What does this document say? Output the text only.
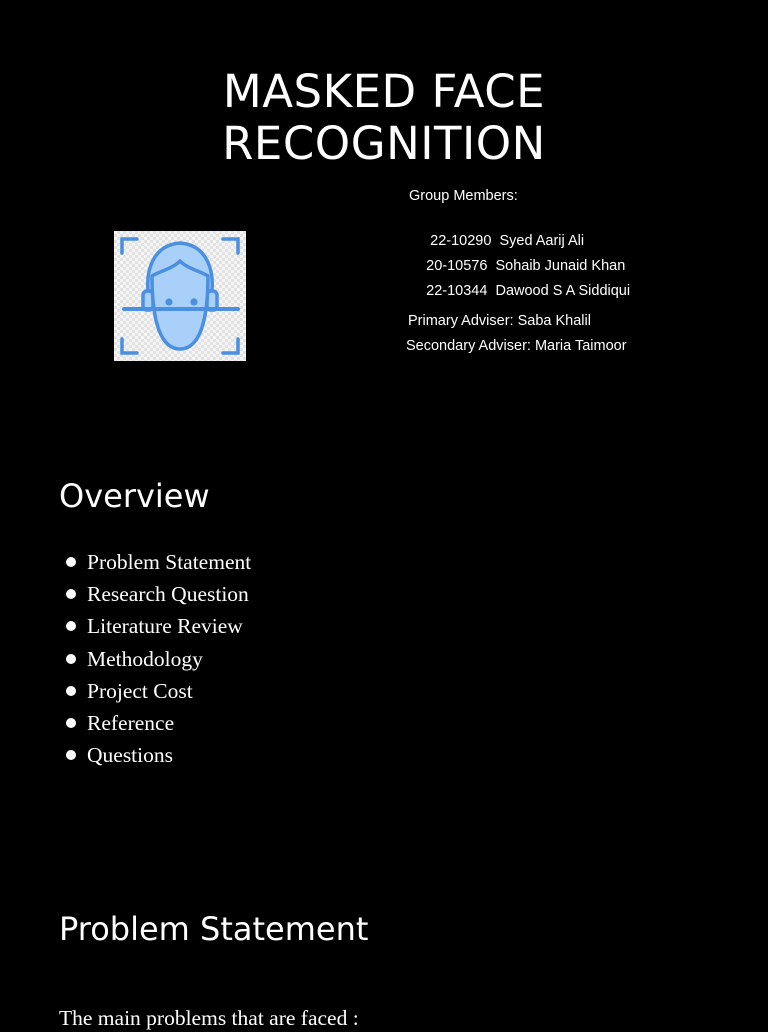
MASKED FACE
RECOGNITION
Group Members:

22-10290 Syed Aarij Ali

20-10576 Sohaib Junaid Khan

22-10344 Dawood S A Siddiqui

Primary Adviser: Saba Khalil
Secondary Adviser: Maria Taimoor
Overview
Problem Statement
Research Question
Literature Review
Methodology
Project Cost
Reference
Questions
Problem Statement
The main problems that are faced :
